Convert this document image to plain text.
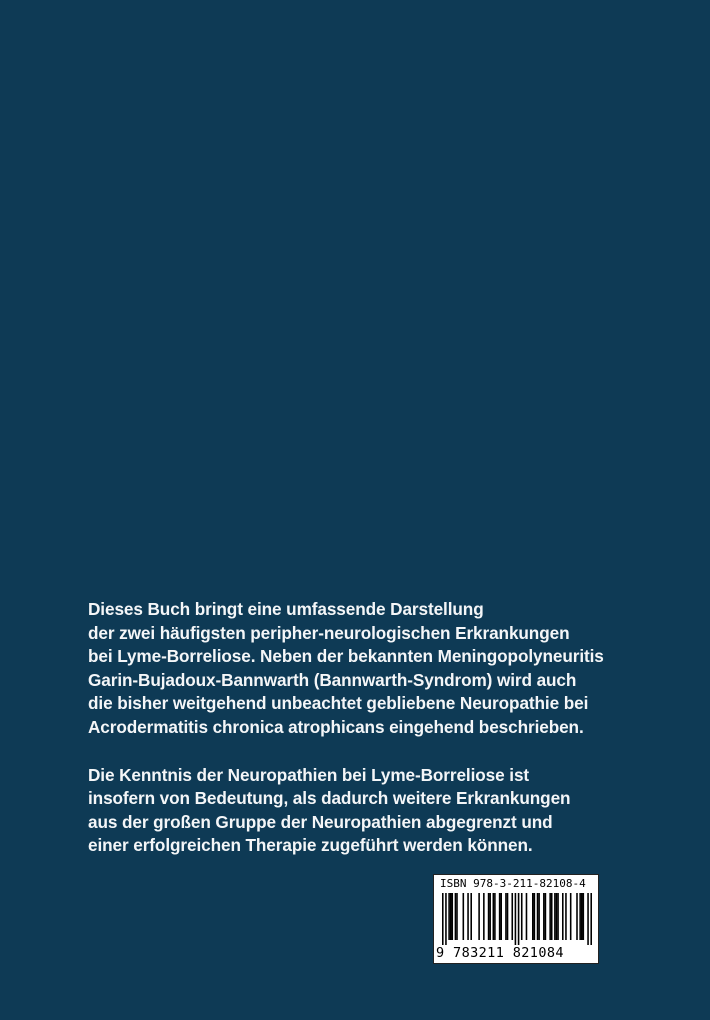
Dieses Buch bringt eine umfassende Darstellung
der zwei häufigsten peripher-neurologischen Erkrankungen
bei Lyme-Borreliose. Neben der bekannten Meningopolyneuritis
Garin-Bujadoux-Bannwarth (Bannwarth-Syndrom) wird auch
die bisher weitgehend unbeachtet gebliebene Neuropathie bei
Acrodermatitis chronica atrophicans eingehend beschrieben.

Die Kenntnis der Neuropathien bei Lyme-Borreliose ist
insofern von Bedeutung, als dadurch weitere Erkrankungen
aus der großen Gruppe der Neuropathien abgegrenzt und
einer erfolgreichen Therapie zugeführt werden können.

ISBN 978-3-211-82108-4
9 783211 821084
